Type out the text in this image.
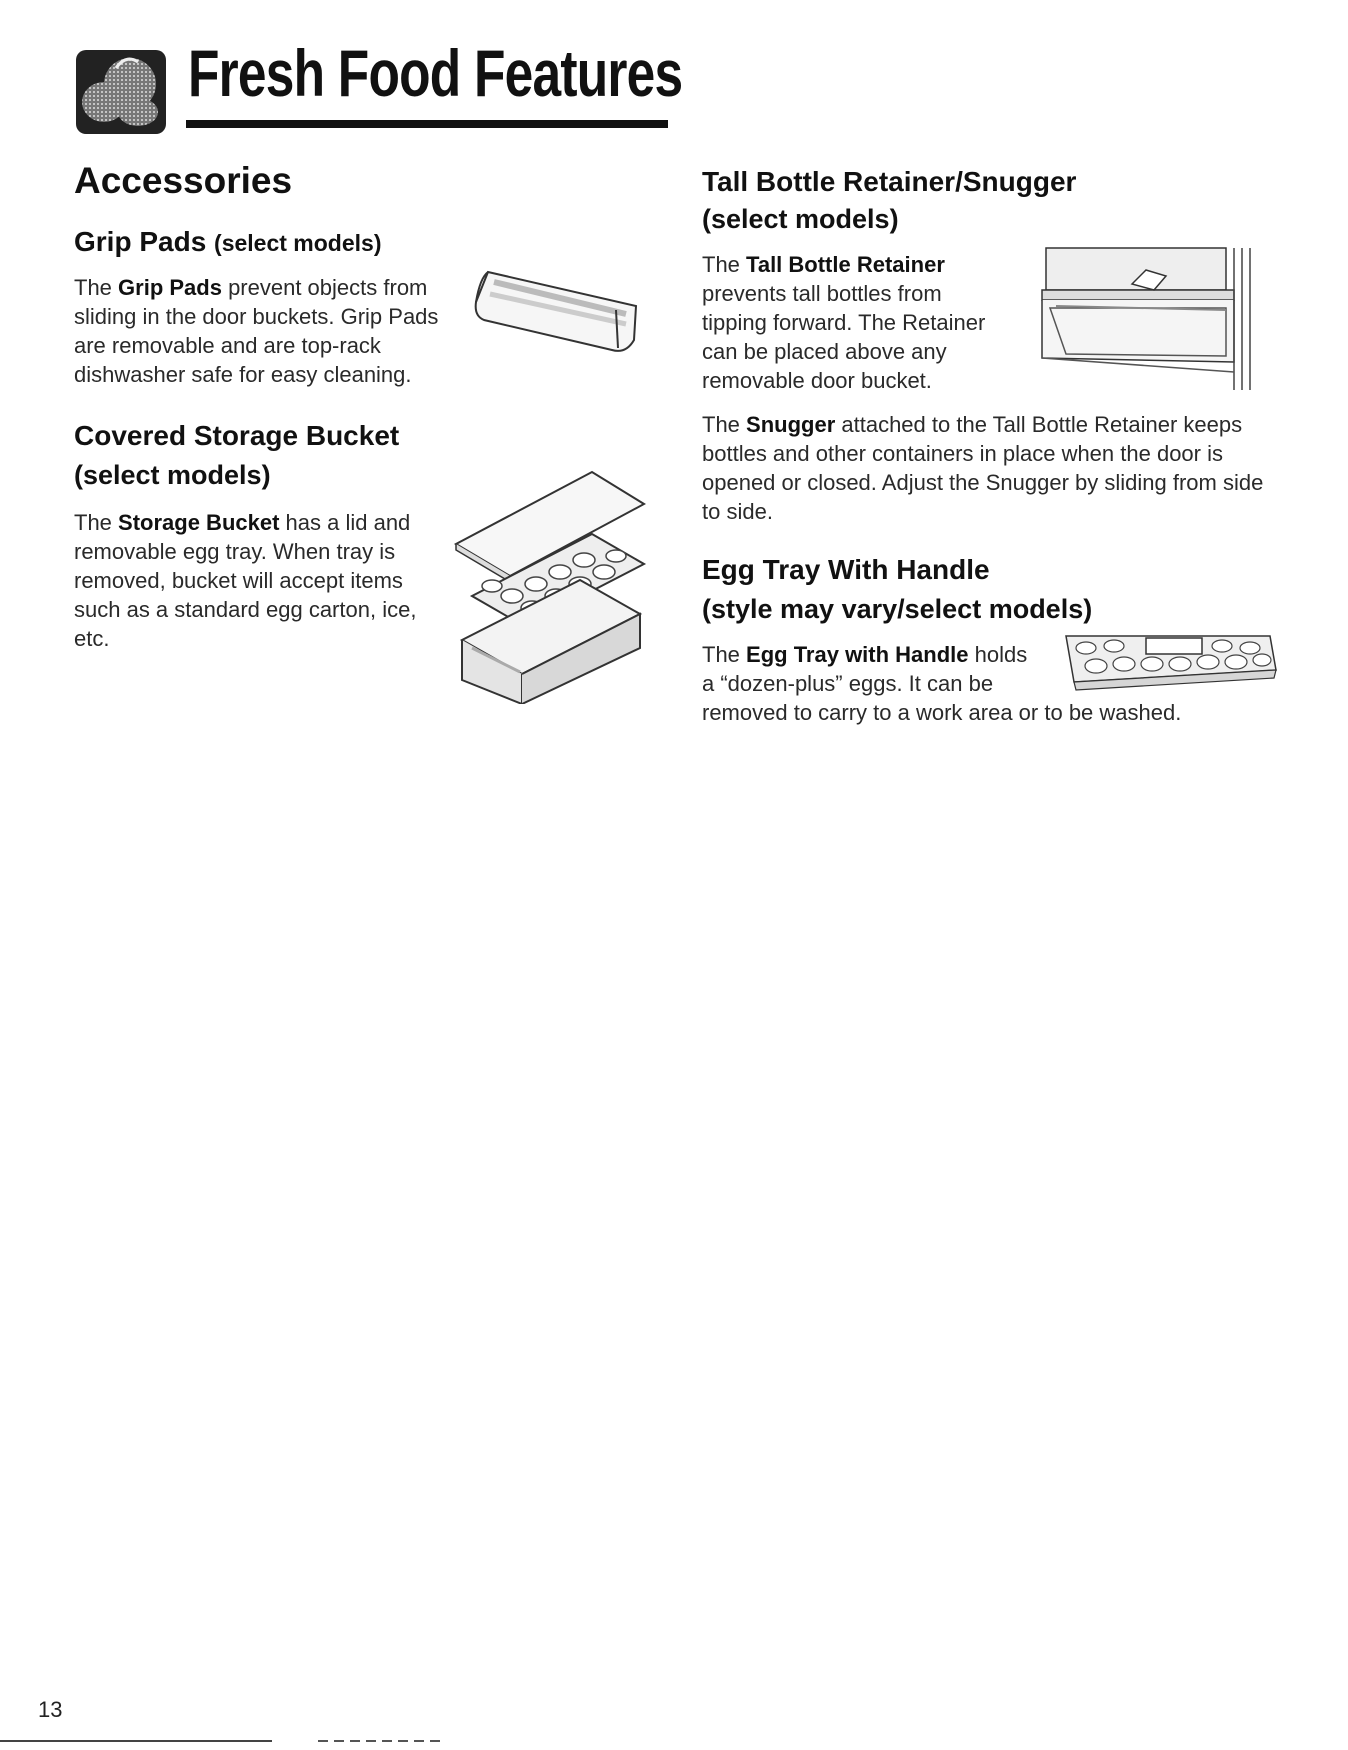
Fresh Food Features
Accessories
Grip Pads (select models)

The Grip Pads prevent objects from sliding in the door buckets. Grip Pads are removable and are top-rack dishwasher safe for easy cleaning.

Covered Storage Bucket
(select models)

The Storage Bucket has a lid and removable egg tray. When tray is removed, bucket will accept items such as a standard egg carton, ice, etc.

Tall Bottle Retainer/Snugger
(select models)

The Tall Bottle Retainer prevents tall bottles from tipping forward. The Retainer can be placed above any removable door bucket.

The Snugger attached to the Tall Bottle Retainer keeps bottles and other containers in place when the door is opened or closed. Adjust the Snugger by sliding from side to side.

Egg Tray With Handle
(style may vary/select models)

The Egg Tray with Handle holds

a “dozen-plus” eggs. It can be

removed to carry to a work area or to be washed.

13
